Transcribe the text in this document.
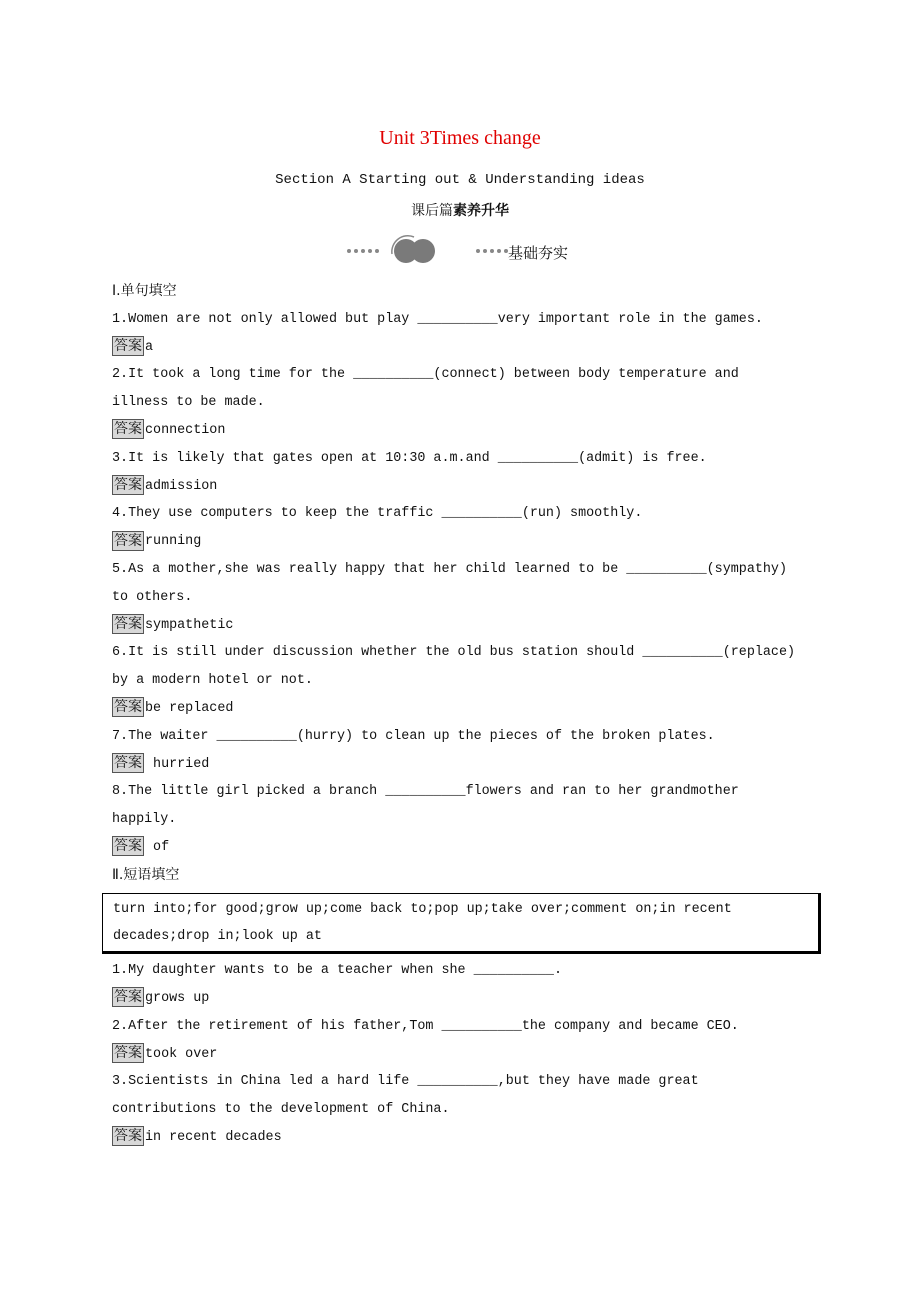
Unit 3Times change
Section A Starting out & Understanding ideas
课后篇素养升华
基础夯实
Ⅰ.单句填空
1.Women are not only allowed but play __________very important role in the games.
答案 a
2.It took a long time for the __________(connect) between body temperature and
illness to be made.
答案 connection
3.It is likely that gates open at 10:30 a.m.and __________(admit) is free.
答案 admission
4.They use computers to keep the traffic __________(run) smoothly.
答案 running
5.As a mother,she was really happy that her child learned to be __________(sympathy)
to others.
答案 sympathetic
6.It is still under discussion whether the old bus station should __________(replace)
by a modern hotel or not.
答案 be replaced
7.The waiter __________(hurry) to clean up the pieces of the broken plates.
答案 hurried
8.The little girl picked a branch __________flowers and ran to her grandmother
happily.
答案 of
Ⅱ.短语填空
turn into;for good;grow up;come back to;pop up;take over;comment on;in recent
decades;drop in;look up at
1.My daughter wants to be a teacher when she __________.
答案 grows up
2.After the retirement of his father,Tom __________the company and became CEO.
答案 took over
3.Scientists in China led a hard life __________,but they have made great
contributions to the development of China.
答案 in recent decades
